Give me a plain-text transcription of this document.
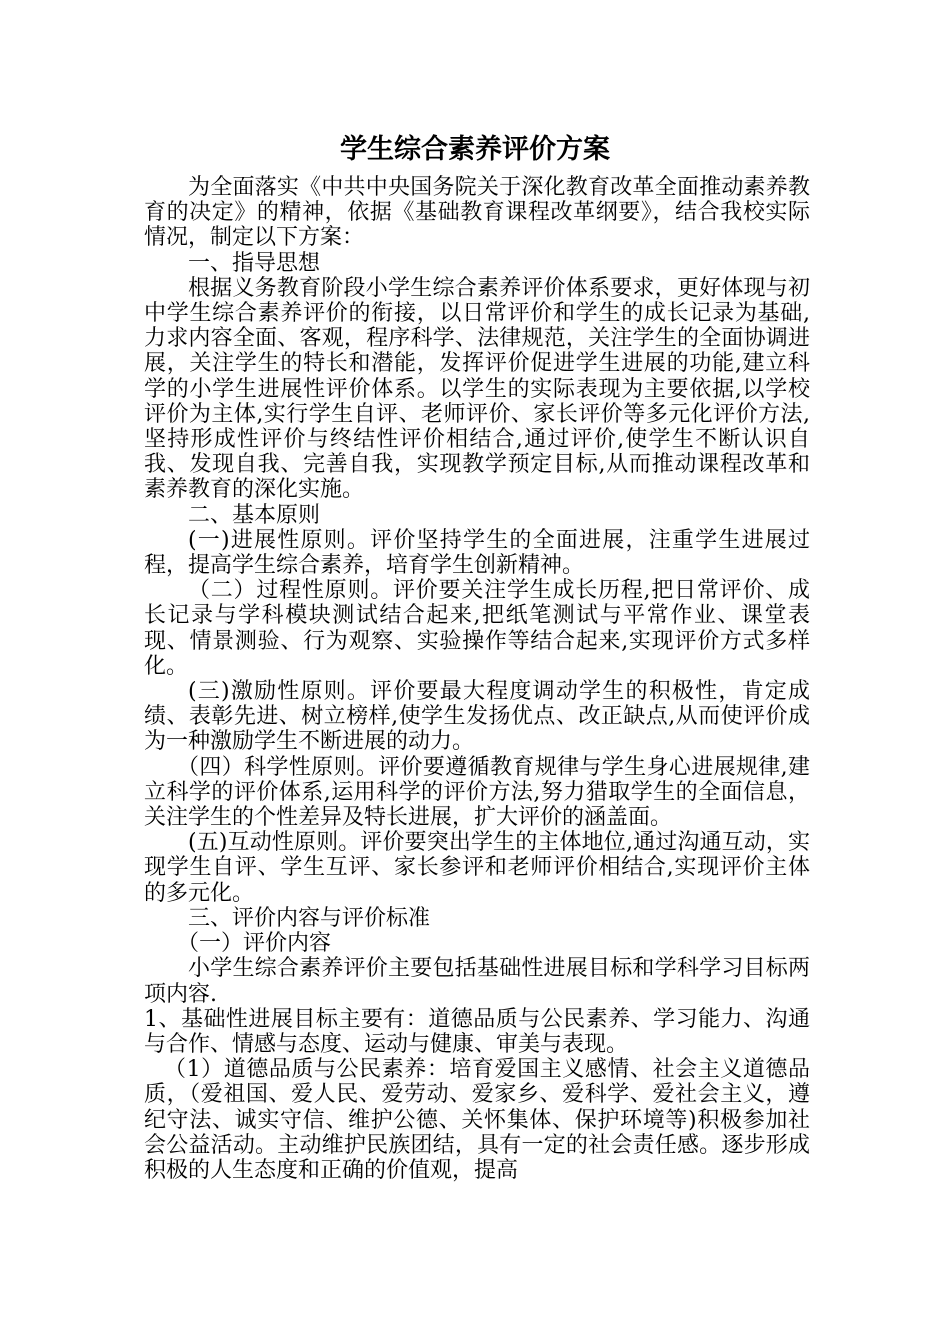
学生综合素养评价方案

为全面落实《中共中央国务院关于深化教育改革全面推动素养教育的决定》的精神，依据《基础教育课程改革纲要》，结合我校实际情况，制定以下方案：

一、指导思想

根据义务教育阶段小学生综合素养评价体系要求，更好体现与初中学生综合素养评价的衔接，以日常评价和学生的成长记录为基础,力求内容全面、客观，程序科学、法律规范，关注学生的全面协调进展，关注学生的特长和潜能，发挥评价促进学生进展的功能,建立科学的小学生进展性评价体系。以学生的实际表现为主要依据,以学校评价为主体,实行学生自评、老师评价、家长评价等多元化评价方法,坚持形成性评价与终结性评价相结合,通过评价,使学生不断认识自我、发现自我、完善自我，实现教学预定目标,从而推动课程改革和素养教育的深化实施。

二、基本原则

(一)进展性原则。评价坚持学生的全面进展，注重学生进展过程，提高学生综合素养，培育学生创新精神。

（二）过程性原则。评价要关注学生成长历程,把日常评价、成长记录与学科模块测试结合起来,把纸笔测试与平常作业、课堂表现、情景测验、行为观察、实验操作等结合起来,实现评价方式多样化。

(三)激励性原则。评价要最大程度调动学生的积极性，肯定成绩、表彰先进、树立榜样,使学生发扬优点、改正缺点,从而使评价成为一种激励学生不断进展的动力。

（四）科学性原则。评价要遵循教育规律与学生身心进展规律,建立科学的评价体系,运用科学的评价方法,努力猎取学生的全面信息，关注学生的个性差异及特长进展，扩大评价的涵盖面。

(五)互动性原则。评价要突出学生的主体地位,通过沟通互动，实现学生自评、学生互评、家长参评和老师评价相结合,实现评价主体的多元化。

三、评价内容与评价标准

（一）评价内容

小学生综合素养评价主要包括基础性进展目标和学科学习目标两项内容.

1、基础性进展目标主要有：道德品质与公民素养、学习能力、沟通与合作、情感与态度、运动与健康、审美与表现。

（1）道德品质与公民素养：培育爱国主义感情、社会主义道德品质，（爱祖国、爱人民、爱劳动、爱家乡、爱科学、爱社会主义，遵纪守法、诚实守信、维护公德、关怀集体、保护环境等)积极参加社会公益活动。主动维护民族团结，具有一定的社会责任感。逐步形成积极的人生态度和正确的价值观，提高
